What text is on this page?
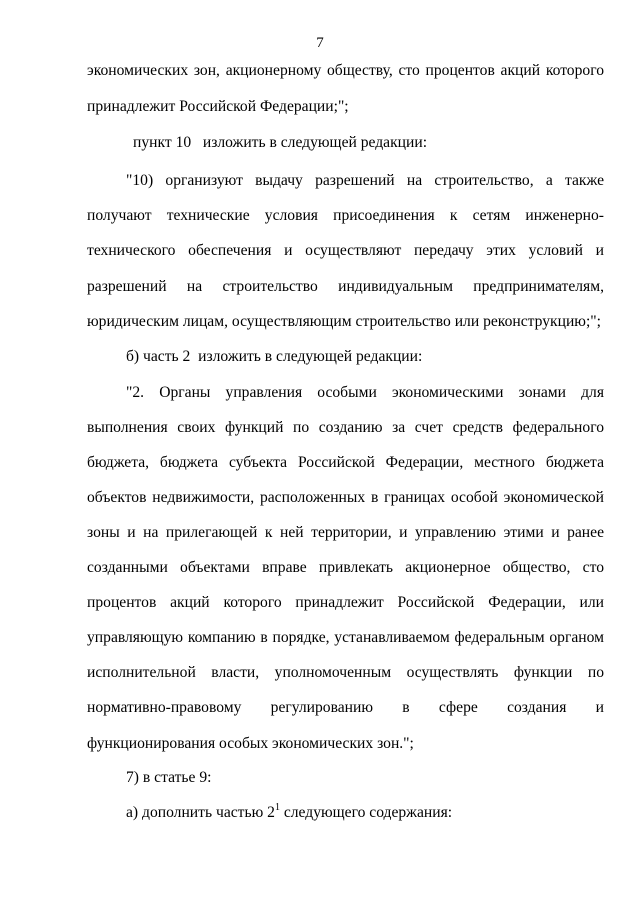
7
экономических зон, акционерному обществу, сто процентов акций которого
принадлежит Российской Федерации;";
пункт 10   изложить в следующей редакции:
"10) организуют выдачу разрешений на строительство, а также
получают технические условия присоединения к сетям инженерно-
технического обеспечения и осуществляют передачу этих условий и
разрешений на строительство индивидуальным предпринимателям,
юридическим лицам, осуществляющим строительство или реконструкцию;";
б) часть 2  изложить в следующей редакции:
"2. Органы управления особыми экономическими зонами для
выполнения своих функций по созданию за счет средств федерального
бюджета, бюджета субъекта Российской Федерации, местного бюджета
объектов недвижимости, расположенных в границах особой экономической
зоны и на прилегающей к ней территории, и управлению этими и ранее
созданными объектами вправе привлекать акционерное общество, сто
процентов акций которого принадлежит Российской Федерации, или
управляющую компанию в порядке, устанавливаемом федеральным органом
исполнительной власти, уполномоченным осуществлять функции по
нормативно-правовому регулированию в сфере создания и
функционирования особых экономических зон.";
7) в статье 9:
а) дополнить частью $2^1$ следующего содержания:
